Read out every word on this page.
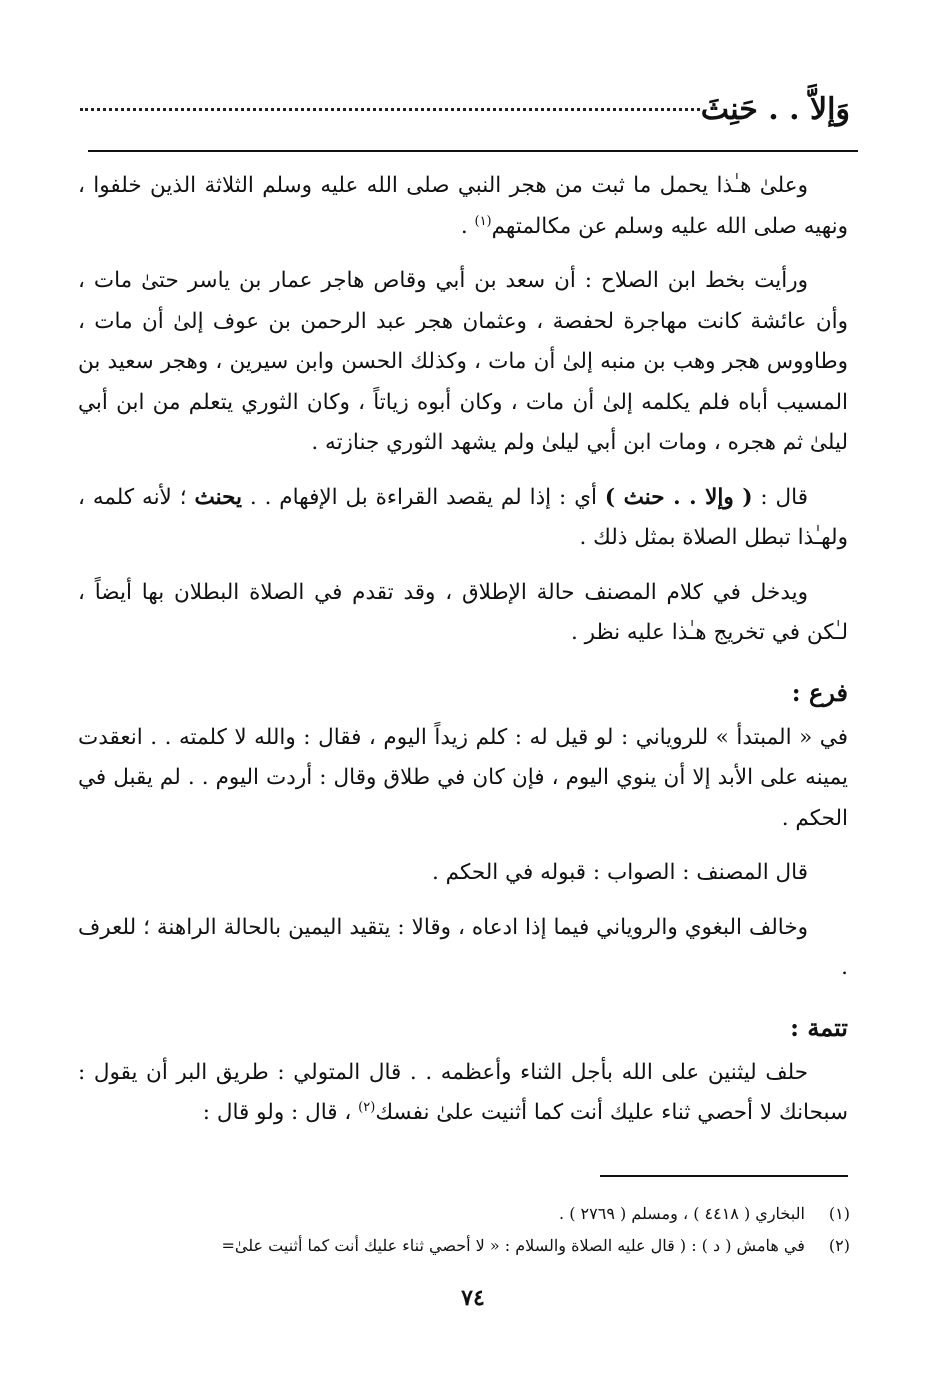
وَإلاَّ . . حَنِثَ

وعلىٰ هـٰذا يحمل ما ثبت من هجر النبي صلى الله عليه وسلم الثلاثة الذين خلفوا ، ونهيه صلى الله عليه وسلم عن مكالمتهم$^{(١)}$ .

ورأيت بخط ابن الصلاح : أن سعد بن أبي وقاص هاجر عمار بن ياسر حتىٰ مات ، وأن عائشة كانت مهاجرة لحفصة ، وعثمان هجر عبد الرحمن بن عوف إلىٰ أن مات ، وطاووس هجر وهب بن منبه إلىٰ أن مات ، وكذلك الحسن وابن سيرين ، وهجر سعيد بن المسيب أباه فلم يكلمه إلىٰ أن مات ، وكان أبوه زياتاً ، وكان الثوري يتعلم من ابن أبي ليلىٰ ثم هجره ، ومات ابن أبي ليلىٰ ولم يشهد الثوري جنازته .

قال : ( وإلا . . حنث ) أي : إذا لم يقصد القراءة بل الإفهام . . يحنث ؛ لأنه كلمه ، ولهـٰذا تبطل الصلاة بمثل ذلك .

ويدخل في كلام المصنف حالة الإطلاق ، وقد تقدم في الصلاة البطلان بها أيضاً ، لـٰكن في تخريج هـٰذا عليه نظر .

فرع :

في « المبتدأ » للروياني : لو قيل له : كلم زيداً اليوم ، فقال : والله لا كلمته . . انعقدت يمينه على الأبد إلا أن ينوي اليوم ، فإن كان في طلاق وقال : أردت اليوم . . لم يقبل في الحكم .

قال المصنف : الصواب : قبوله في الحكم .

وخالف البغوي والروياني فيما إذا ادعاه ، وقالا : يتقيد اليمين بالحالة الراهنة ؛ للعرف .

تتمة :

حلف ليثنين على الله بأجل الثناء وأعظمه . . قال المتولي : طريق البر أن يقول : سبحانك لا أحصي ثناء عليك أنت كما أثنيت علىٰ نفسك$^{(٢)}$ ، قال : ولو قال :

(١) البخاري ( ٤٤١٨ ) ، ومسلم ( ٢٧٦٩ ) .
(٢) في هامش ( د ) : ( قال عليه الصلاة والسلام : « لا أحصي ثناء عليك أنت كما أثنيت علىٰ=
٧٤
